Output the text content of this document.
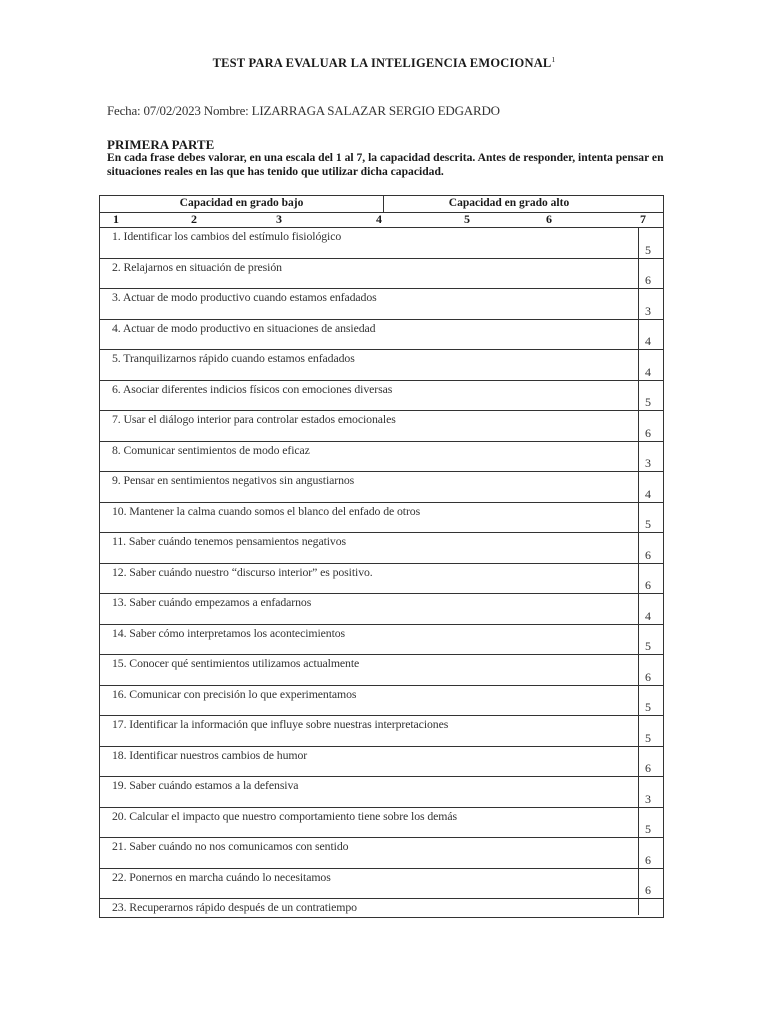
TEST PARA EVALUAR LA INTELIGENCIA EMOCIONAL$^1$
Fecha: 07/02/2023 Nombre: LIZARRAGA SALAZAR SERGIO EDGARDO
PRIMERA PARTE
En cada frase debes valorar, en una escala del 1 al 7, la capacidad descrita. Antes de responder, intenta pensar en situaciones reales en las que has tenido que utilizar dicha capacidad.
Capacidad en grado bajo	Capacidad en grado alto
1	2	3	4	5	6	7
1. Identificar los cambios del estímulo fisiológico
5
2. Relajarnos en situación de presión
6
3. Actuar de modo productivo cuando estamos enfadados
3
4. Actuar de modo productivo en situaciones de ansiedad
4
5. Tranquilizarnos rápido cuando estamos enfadados
4
6. Asociar diferentes indicios físicos con emociones diversas
5
7. Usar el diálogo interior para controlar estados emocionales
6
8. Comunicar sentimientos de modo eficaz
3
9. Pensar en sentimientos negativos sin angustiarnos
4
10. Mantener la calma cuando somos el blanco del enfado de otros
5
11. Saber cuándo tenemos pensamientos negativos
6
12. Saber cuándo nuestro “discurso interior” es positivo.
6
13. Saber cuándo empezamos a enfadarnos
4
14. Saber cómo interpretamos los acontecimientos
5
15. Conocer qué sentimientos utilizamos actualmente
6
16. Comunicar con precisión lo que experimentamos
5
17. Identificar la información que influye sobre nuestras interpretaciones
5
18. Identificar nuestros cambios de humor
6
19. Saber cuándo estamos a la defensiva
3
20. Calcular el impacto que nuestro comportamiento tiene sobre los demás
5
21. Saber cuándo no nos comunicamos con sentido
6
22. Ponernos en marcha cuándo lo necesitamos
6
23. Recuperarnos rápido después de un contratiempo
